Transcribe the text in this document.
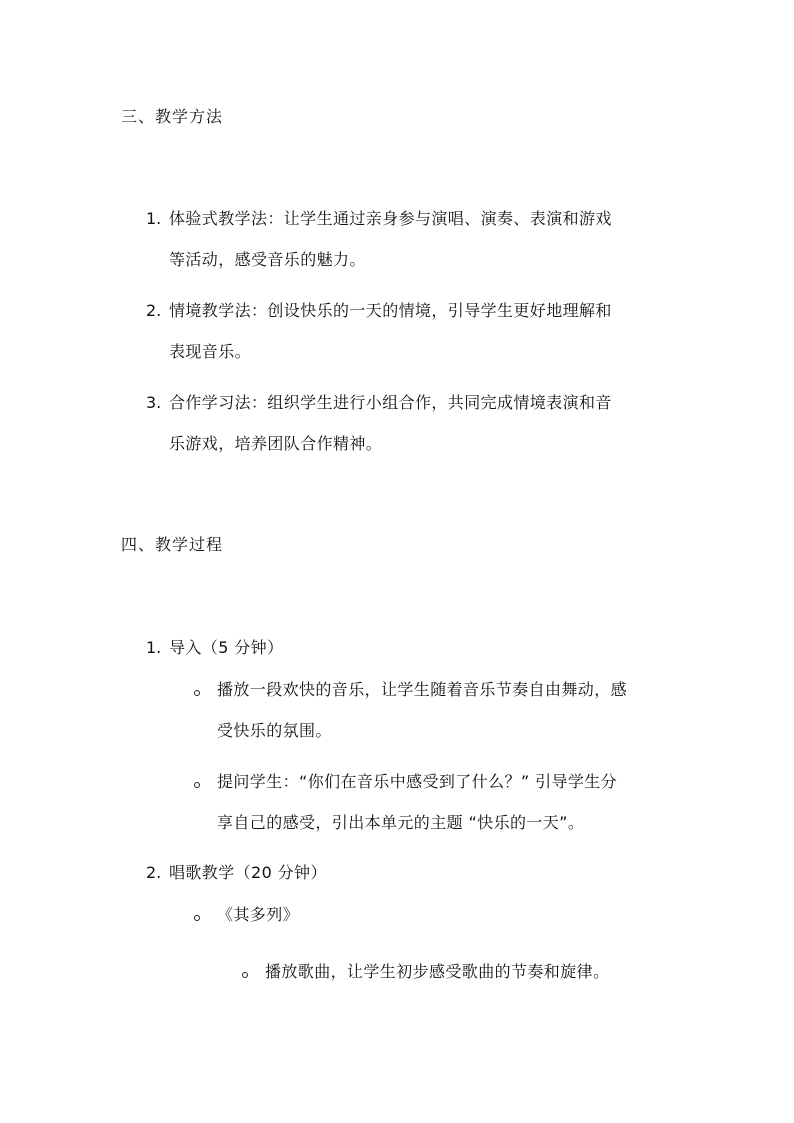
三、教学方法
1. 体验式教学法：让学生通过亲身参与演唱、演奏、表演和游戏
等活动，感受音乐的魅力。
2. 情境教学法：创设快乐的一天的情境，引导学生更好地理解和
表现音乐。
3. 合作学习法：组织学生进行小组合作，共同完成情境表演和音
乐游戏，培养团队合作精神。
四、教学过程
1. 导入（5 分钟）
播放一段欢快的音乐，让学生随着音乐节奏自由舞动，感
受快乐的氛围。
提问学生：“你们在音乐中感受到了什么？” 引导学生分
享自己的感受，引出本单元的主题 “快乐的一天”。
2. 唱歌教学（20 分钟）
《其多列》
播放歌曲，让学生初步感受歌曲的节奏和旋律。
